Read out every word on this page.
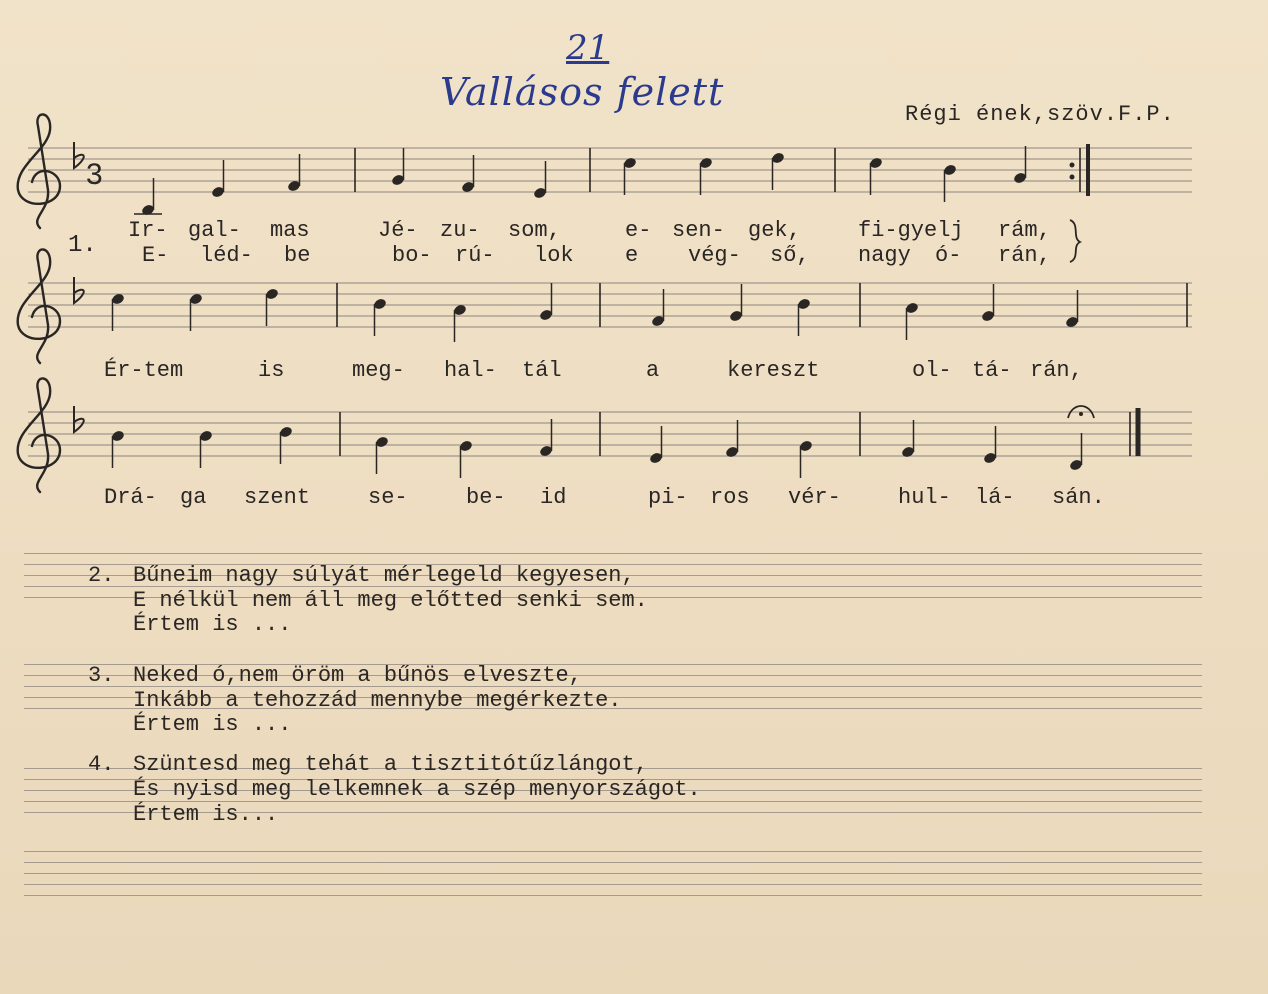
21
Vallásos felett
Régi ének,szöv.F.P.
3
1.
Ir- gal- mas	Jé- zu- som,	e- sen- gek,	fi-gyelj rám,
E- léd- be	bo- rú- lok e vég- ső, nagy ó- rán,
Ér-tem	is	meg- hal- tál	a	kereszt	ol- tá- rán,
Drá- ga szent	se-	be- id	pi- ros vér-	hul- lá- sán.
2. Bűneim nagy súlyát mérlegeld kegyesen,
E nélkül nem áll meg előtted senki sem.
Értem is ...
3. Neked ó,nem öröm a bűnös elveszte,
Inkább a tehozzád mennybe megérkezte.
Értem is ...
4. Szüntesd meg tehát a tisztitótűzlángot,
És nyisd meg lelkemnek a szép menyországot.
Értem is...
